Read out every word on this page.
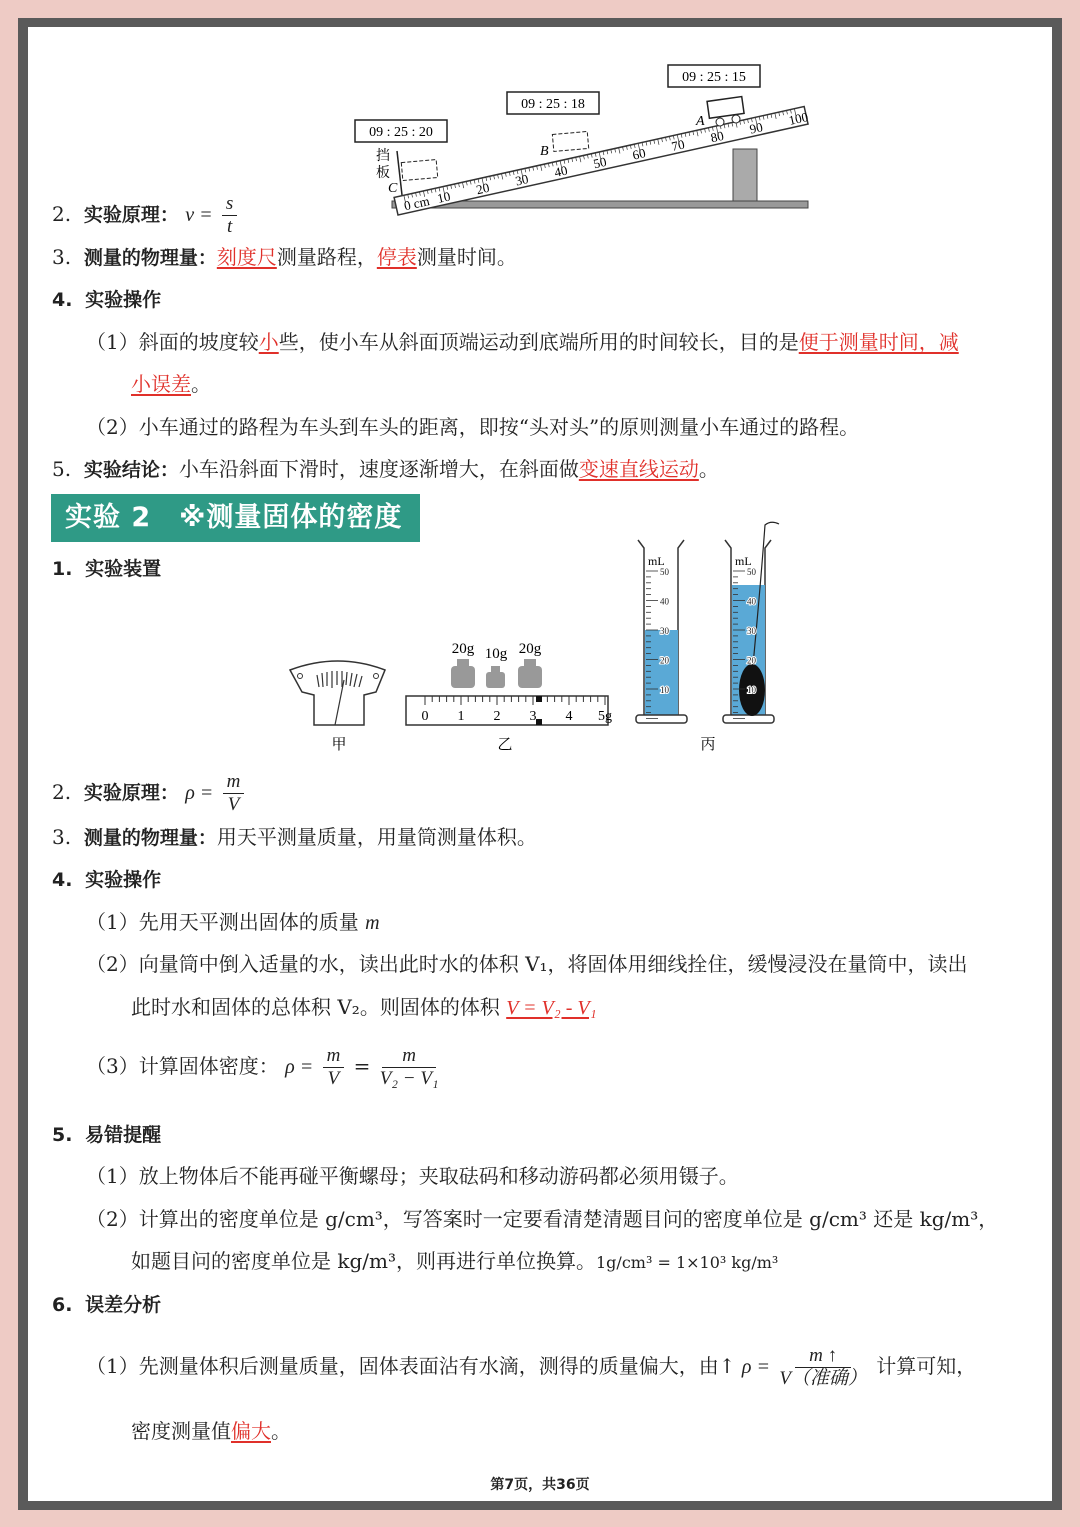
09 : 25 : 20
09 : 25 : 18
09 : 25 : 15
0 cm 10 20 30 40 50 60 70 80 90 100
挡
板
C
B
A
2. 实验原理： $v = \frac{s}{t}$
3. 测量的物理量：刻度尺测量路程，停表测量时间。
4. 实验操作
（1）斜面的坡度较小些，使小车从斜面顶端运动到底端所用的时间较长，目的是便于测量时间，减
小误差。
（2）小车通过的路程为车头到车头的距离，即按“头对头”的原则测量小车通过的路程。
5. 实验结论：小车沿斜面下滑时，速度逐渐增大，在斜面做变速直线运动。
实验 2　※测量固体的密度
1. 实验装置
甲
20g 10g 20g
0 1 2 3 4 5g
乙
mL
50
40
30
20
10
mL
50
40
30
20
10
丙
2. 实验原理： $\rho = \frac{m}{V}$
3. 测量的物理量：用天平测量质量，用量筒测量体积。
4. 实验操作
（1）先用天平测出固体的质量 m
（2）向量筒中倒入适量的水，读出此时水的体积 V₁，将固体用细线拴住，缓慢浸没在量筒中，读出
此时水和固体的总体积 V₂。则固体的体积 V = V₂ - V₁
（3）计算固体密度： $\rho = \frac{m}{V} = \frac{m}{\text{V₂ − V₁}}$
5. 易错提醒
（1）放上物体后不能再碰平衡螺母；夹取砝码和移动游码都必须用镊子。
（2）计算出的密度单位是 g/cm³，写答案时一定要看清楚清题目问的密度单位是 g/cm³ 还是 kg/m³，
如题目问的密度单位是 kg/m³，则再进行单位换算。1g/cm³ = 1×10³ kg/m³
6. 误差分析
（1）先测量体积后测量质量，固体表面沾有水滴，测得的质量偏大，由↑ $\rho = \frac{m ↑}{\text{V（准确）}}$ 计算可知，
密度测量值偏大。
第7页，共36页
